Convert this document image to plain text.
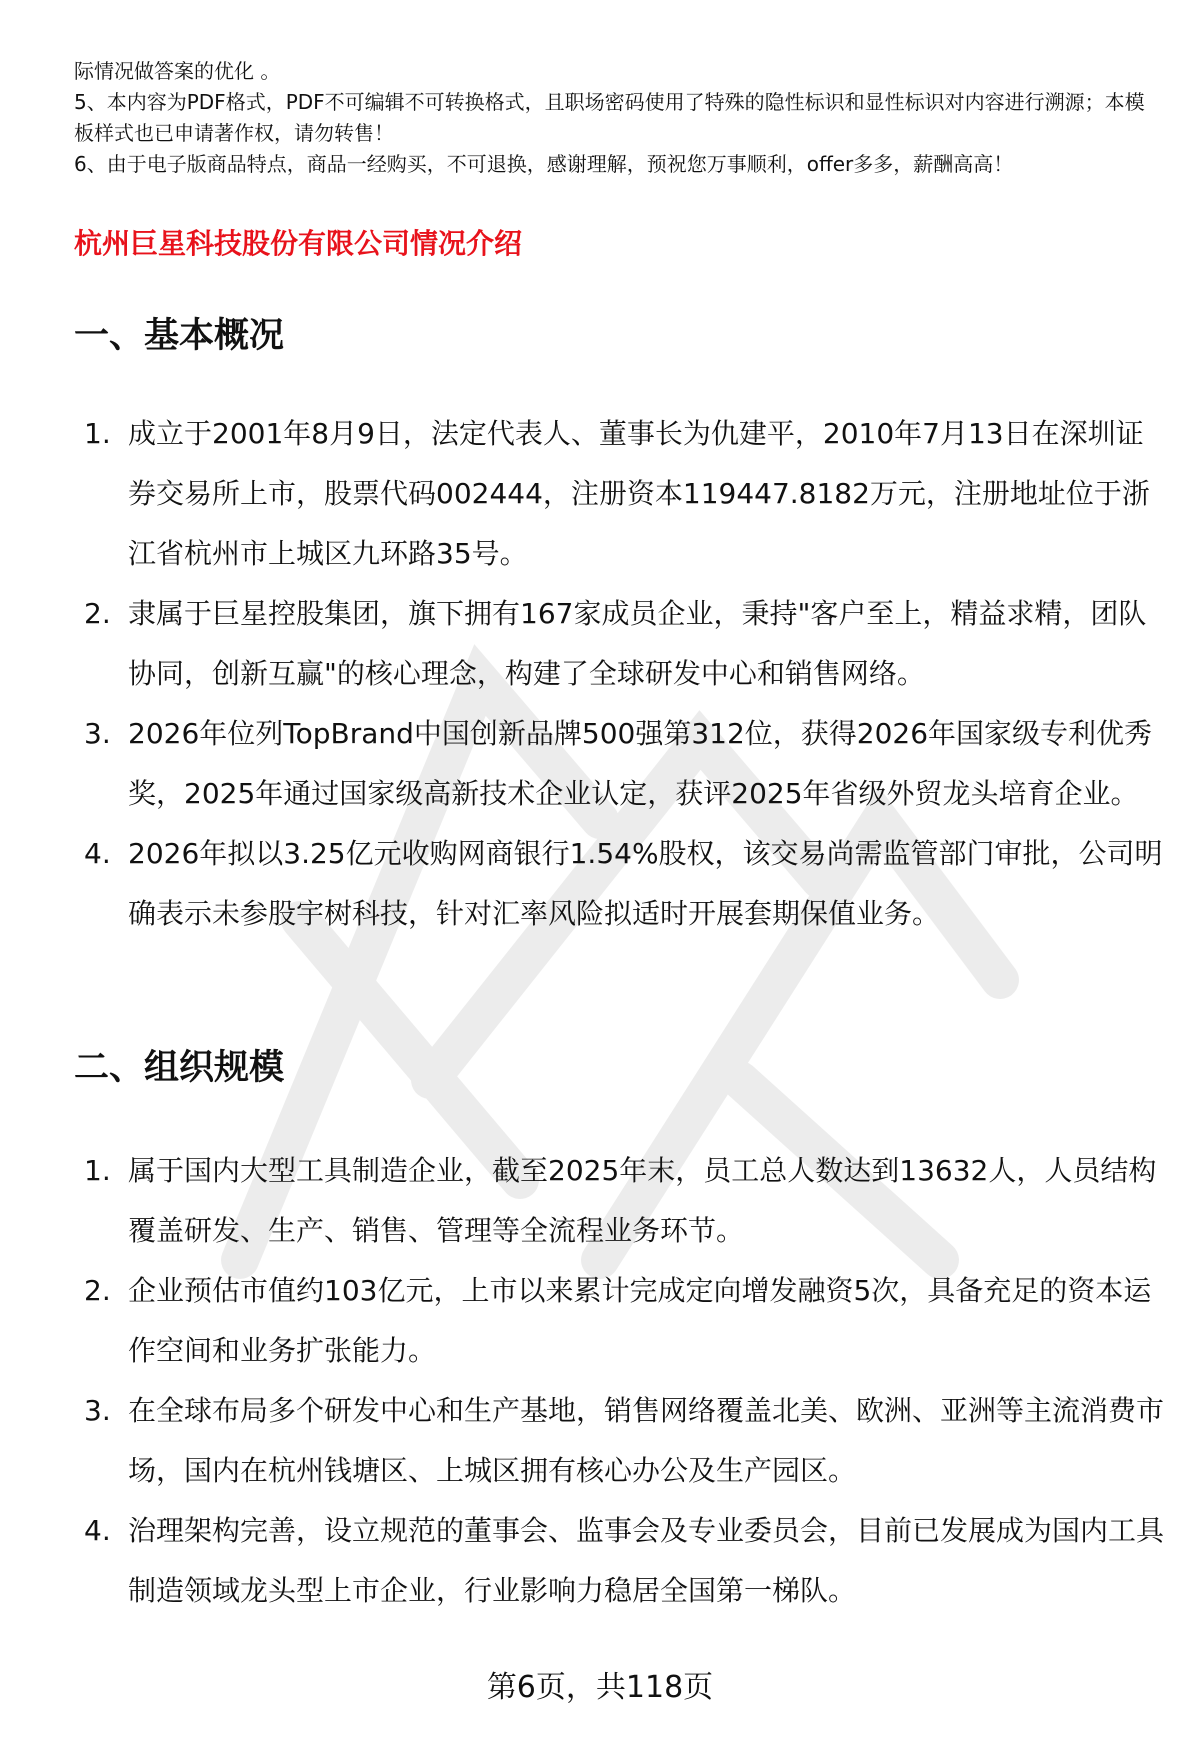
际情况做答案的优化 。

5、本内容为PDF格式，PDF不可编辑不可转换格式，且职场密码使用了特殊的隐性标识和显性标识对内容进行溯源；本模板样式也已申请著作权，请勿转售！

6、由于电子版商品特点，商品一经购买，不可退换，感谢理解，预祝您万事顺利，offer多多，薪酬高高！

杭州巨星科技股份有限公司情况介绍
一、基本概况
1. 成立于2001年8月9日，法定代表人、董事长为仇建平，2010年7月13日在深圳证券交易所上市，股票代码002444，注册资本119447.8182万元，注册地址位于浙江省杭州市上城区九环路35号。
2. 隶属于巨星控股集团，旗下拥有167家成员企业，秉持"客户至上，精益求精，团队协同，创新互赢"的核心理念，构建了全球研发中心和销售网络。
3. 2026年位列TopBrand中国创新品牌500强第312位，获得2026年国家级专利优秀奖，2025年通过国家级高新技术企业认定，获评2025年省级外贸龙头培育企业。
4. 2026年拟以3.25亿元收购网商银行1.54%股权，该交易尚需监管部门审批，公司明确表示未参股宇树科技，针对汇率风险拟适时开展套期保值业务。
二、组织规模
1. 属于国内大型工具制造企业，截至2025年末，员工总人数达到13632人，人员结构覆盖研发、生产、销售、管理等全流程业务环节。
2. 企业预估市值约103亿元，上市以来累计完成定向增发融资5次，具备充足的资本运作空间和业务扩张能力。
3. 在全球布局多个研发中心和生产基地，销售网络覆盖北美、欧洲、亚洲等主流消费市场，国内在杭州钱塘区、上城区拥有核心办公及生产园区。
4. 治理架构完善，设立规范的董事会、监事会及专业委员会，目前已发展成为国内工具制造领域龙头型上市企业，行业影响力稳居全国第一梯队。
第6页，共118页
